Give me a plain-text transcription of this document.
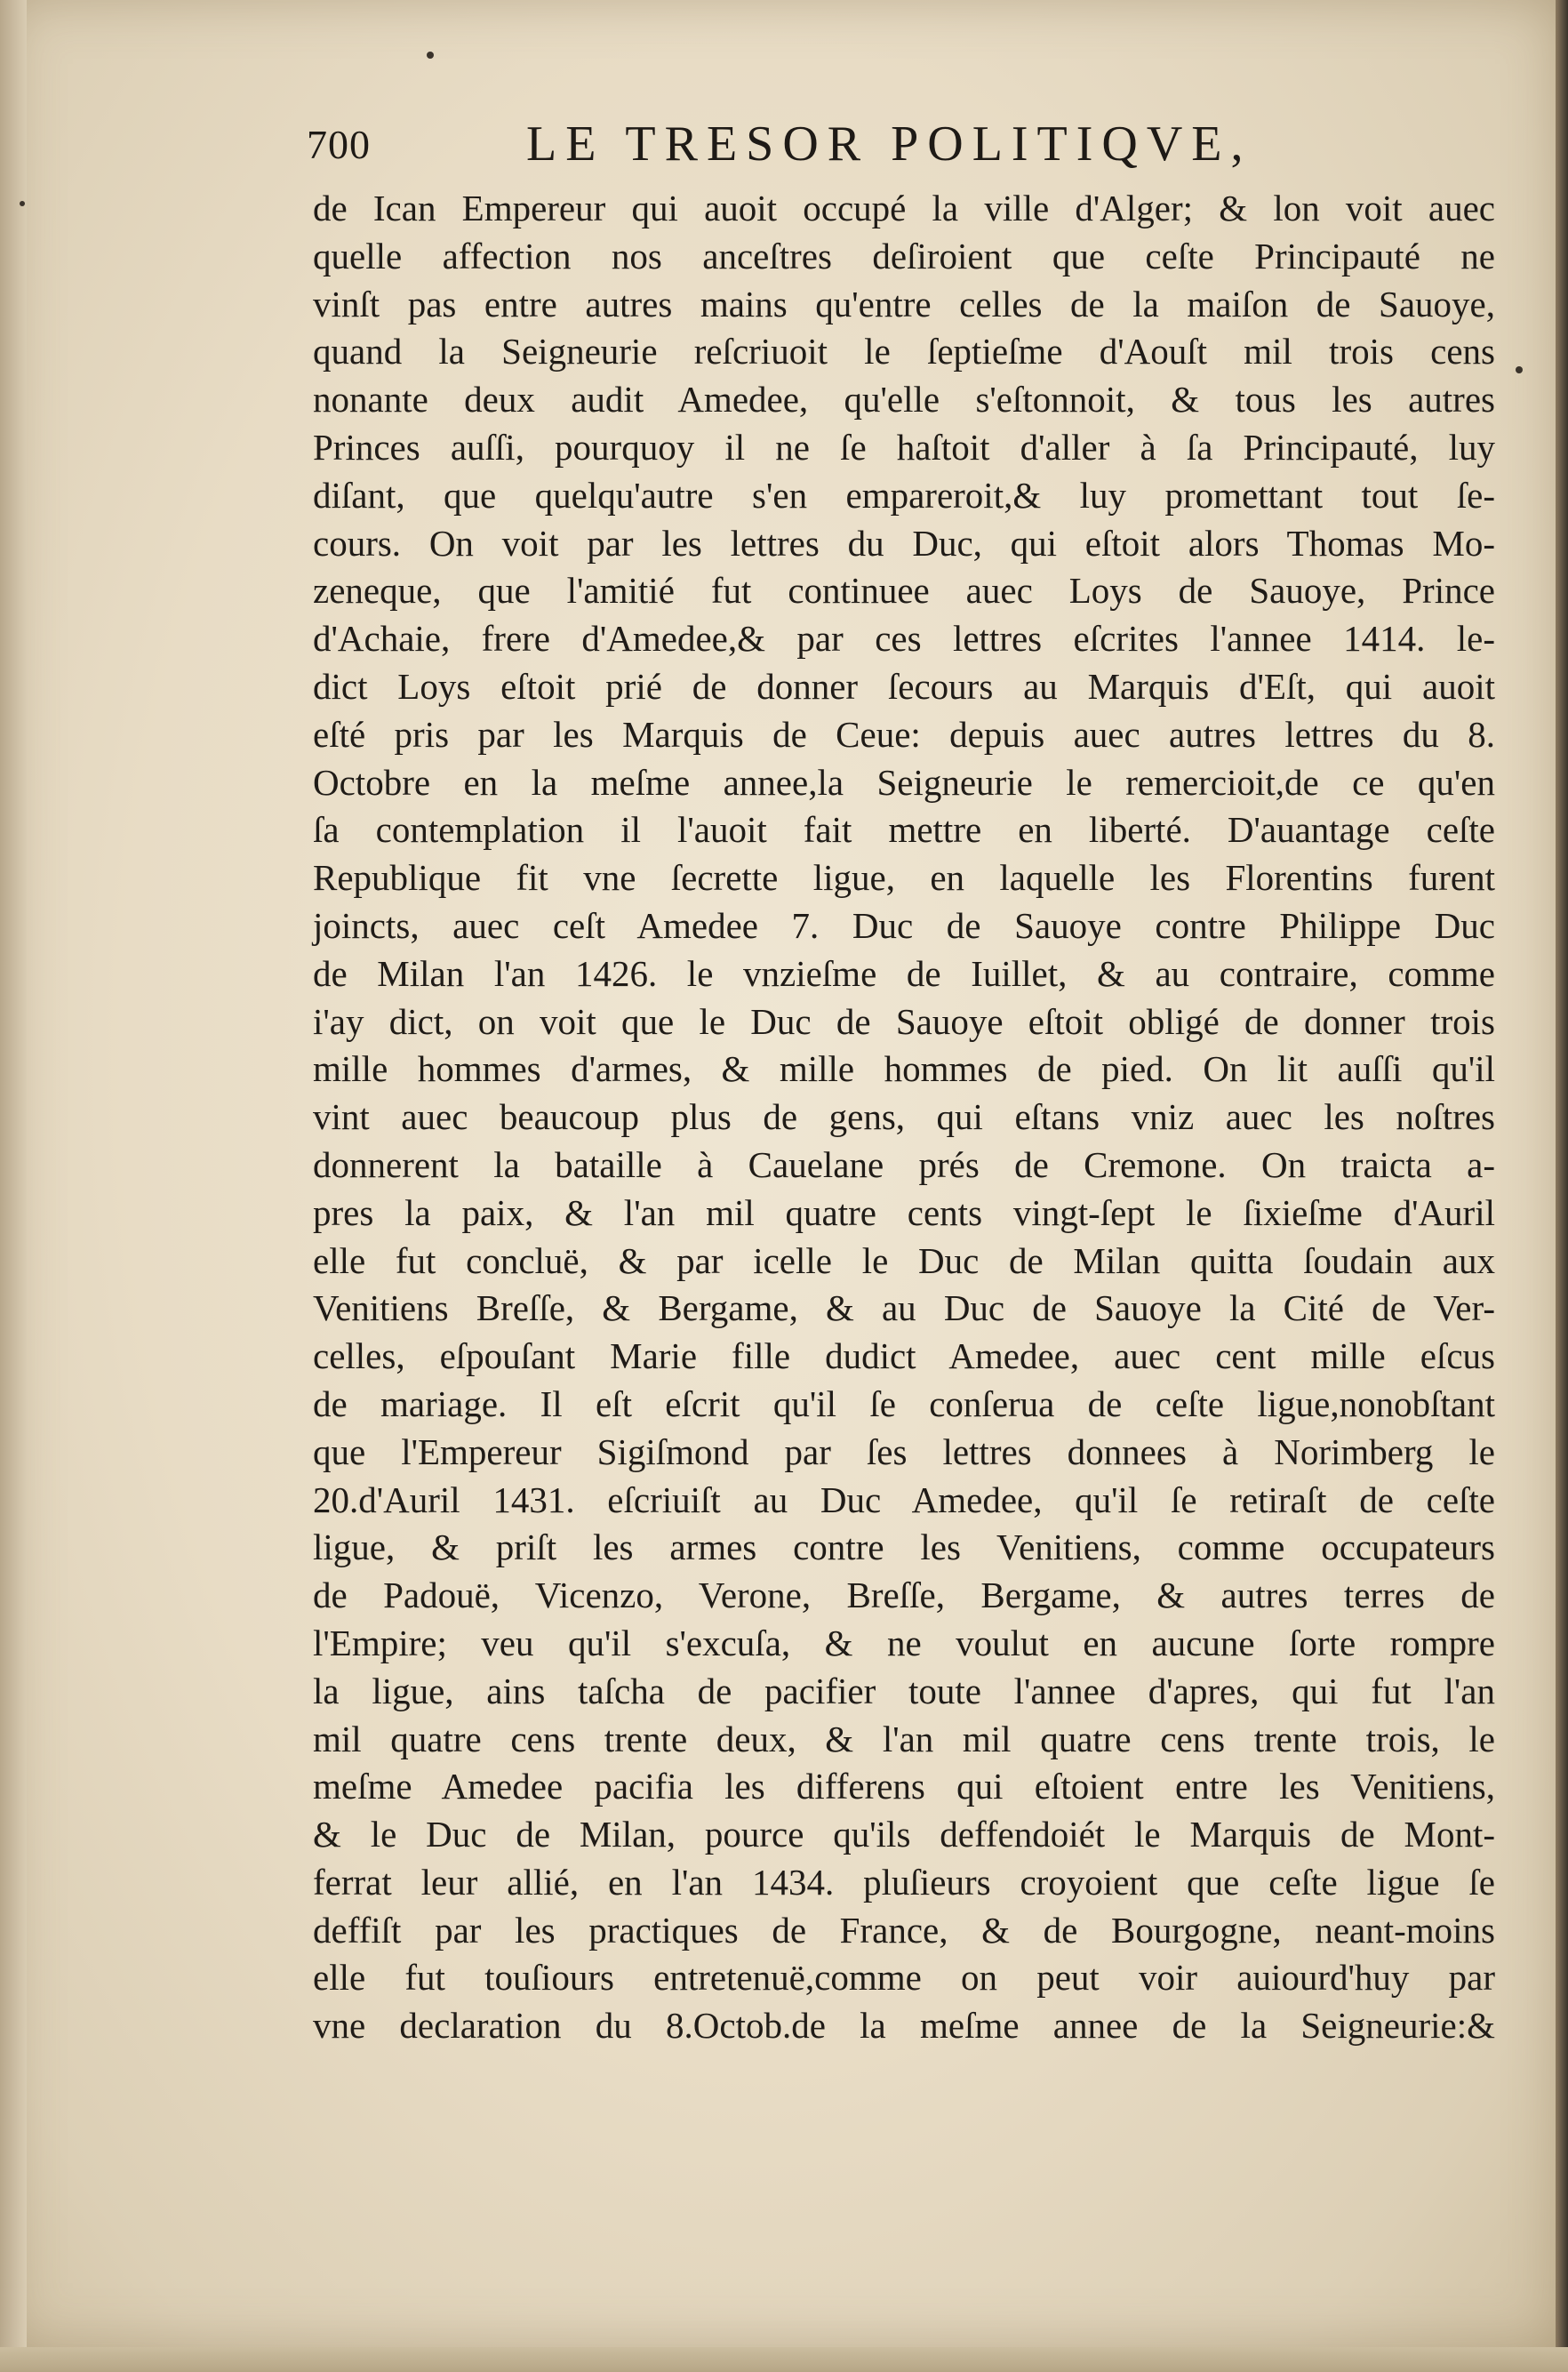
700	LE TRESOR POLITIQVE,
de Ican Empereur qui auoit occupé la ville d'Alger; & lon voit auec
quelle affection nos anceſtres deſiroient que ceſte Principauté ne
vinſt pas entre autres mains qu'entre celles de la maiſon de Sauoye,
quand la Seigneurie reſcriuoit le ſeptieſme d'Aouſt mil trois cens
nonante deux audit Amedee, qu'elle s'eſtonnoit, & tous les autres
Princes auſſi, pourquoy il ne ſe haſtoit d'aller à ſa Principauté, luy
diſant, que quelqu'autre s'en empareroit,& luy promettant tout ſe-
cours. On voit par les lettres du Duc, qui eſtoit alors Thomas Mo-
zeneque, que l'amitié fut continuee auec Loys de Sauoye, Prince
d'Achaie, frere d'Amedee,& par ces lettres eſcrites l'annee 1414. le-
dict Loys eſtoit prié de donner ſecours au Marquis d'Eſt, qui auoit
eſté pris par les Marquis de Ceue: depuis auec autres lettres du 8.
Octobre en la meſme annee,la Seigneurie le remercioit,de ce qu'en
ſa contemplation il l'auoit fait mettre en liberté. D'auantage ceſte
Republique fit vne ſecrette ligue, en laquelle les Florentins furent
joincts, auec ceſt Amedee 7. Duc de Sauoye contre Philippe Duc
de Milan l'an 1426. le vnzieſme de Iuillet, & au contraire, comme
i'ay dict, on voit que le Duc de Sauoye eſtoit obligé de donner trois
mille hommes d'armes, & mille hommes de pied. On lit auſſi qu'il
vint auec beaucoup plus de gens, qui eſtans vniz auec les noſtres
donnerent la bataille à Cauelane prés de Cremone. On traicta a-
pres la paix, & l'an mil quatre cents vingt-ſept le ſixieſme d'Auril
elle fut concluë, & par icelle le Duc de Milan quitta ſoudain aux
Venitiens Breſſe, & Bergame, & au Duc de Sauoye la Cité de Ver-
celles, eſpouſant Marie fille dudict Amedee, auec cent mille eſcus
de mariage. Il eſt eſcrit qu'il ſe conſerua de ceſte ligue,nonobſtant
que l'Empereur Sigiſmond par ſes lettres donnees à Norimberg le
20.d'Auril 1431. eſcriuiſt au Duc Amedee, qu'il ſe retiraſt de ceſte
ligue, & priſt les armes contre les Venitiens, comme occupateurs
de Padouë, Vicenzo, Verone, Breſſe, Bergame, & autres terres de
l'Empire; veu qu'il s'excuſa, & ne voulut en aucune ſorte rompre
la ligue, ains taſcha de pacifier toute l'annee d'apres, qui fut l'an
mil quatre cens trente deux, & l'an mil quatre cens trente trois, le
meſme Amedee pacifia les differens qui eſtoient entre les Venitiens,
& le Duc de Milan, pource qu'ils deffendoiét le Marquis de Mont-
ferrat leur allié, en l'an 1434. pluſieurs croyoient que ceſte ligue ſe
deffiſt par les practiques de France, & de Bourgogne, neant-moins
elle fut touſiours entretenuë,comme on peut voir auiourd'huy par
vne declaration du 8.Octob.de la meſme annee de la Seigneurie:&
